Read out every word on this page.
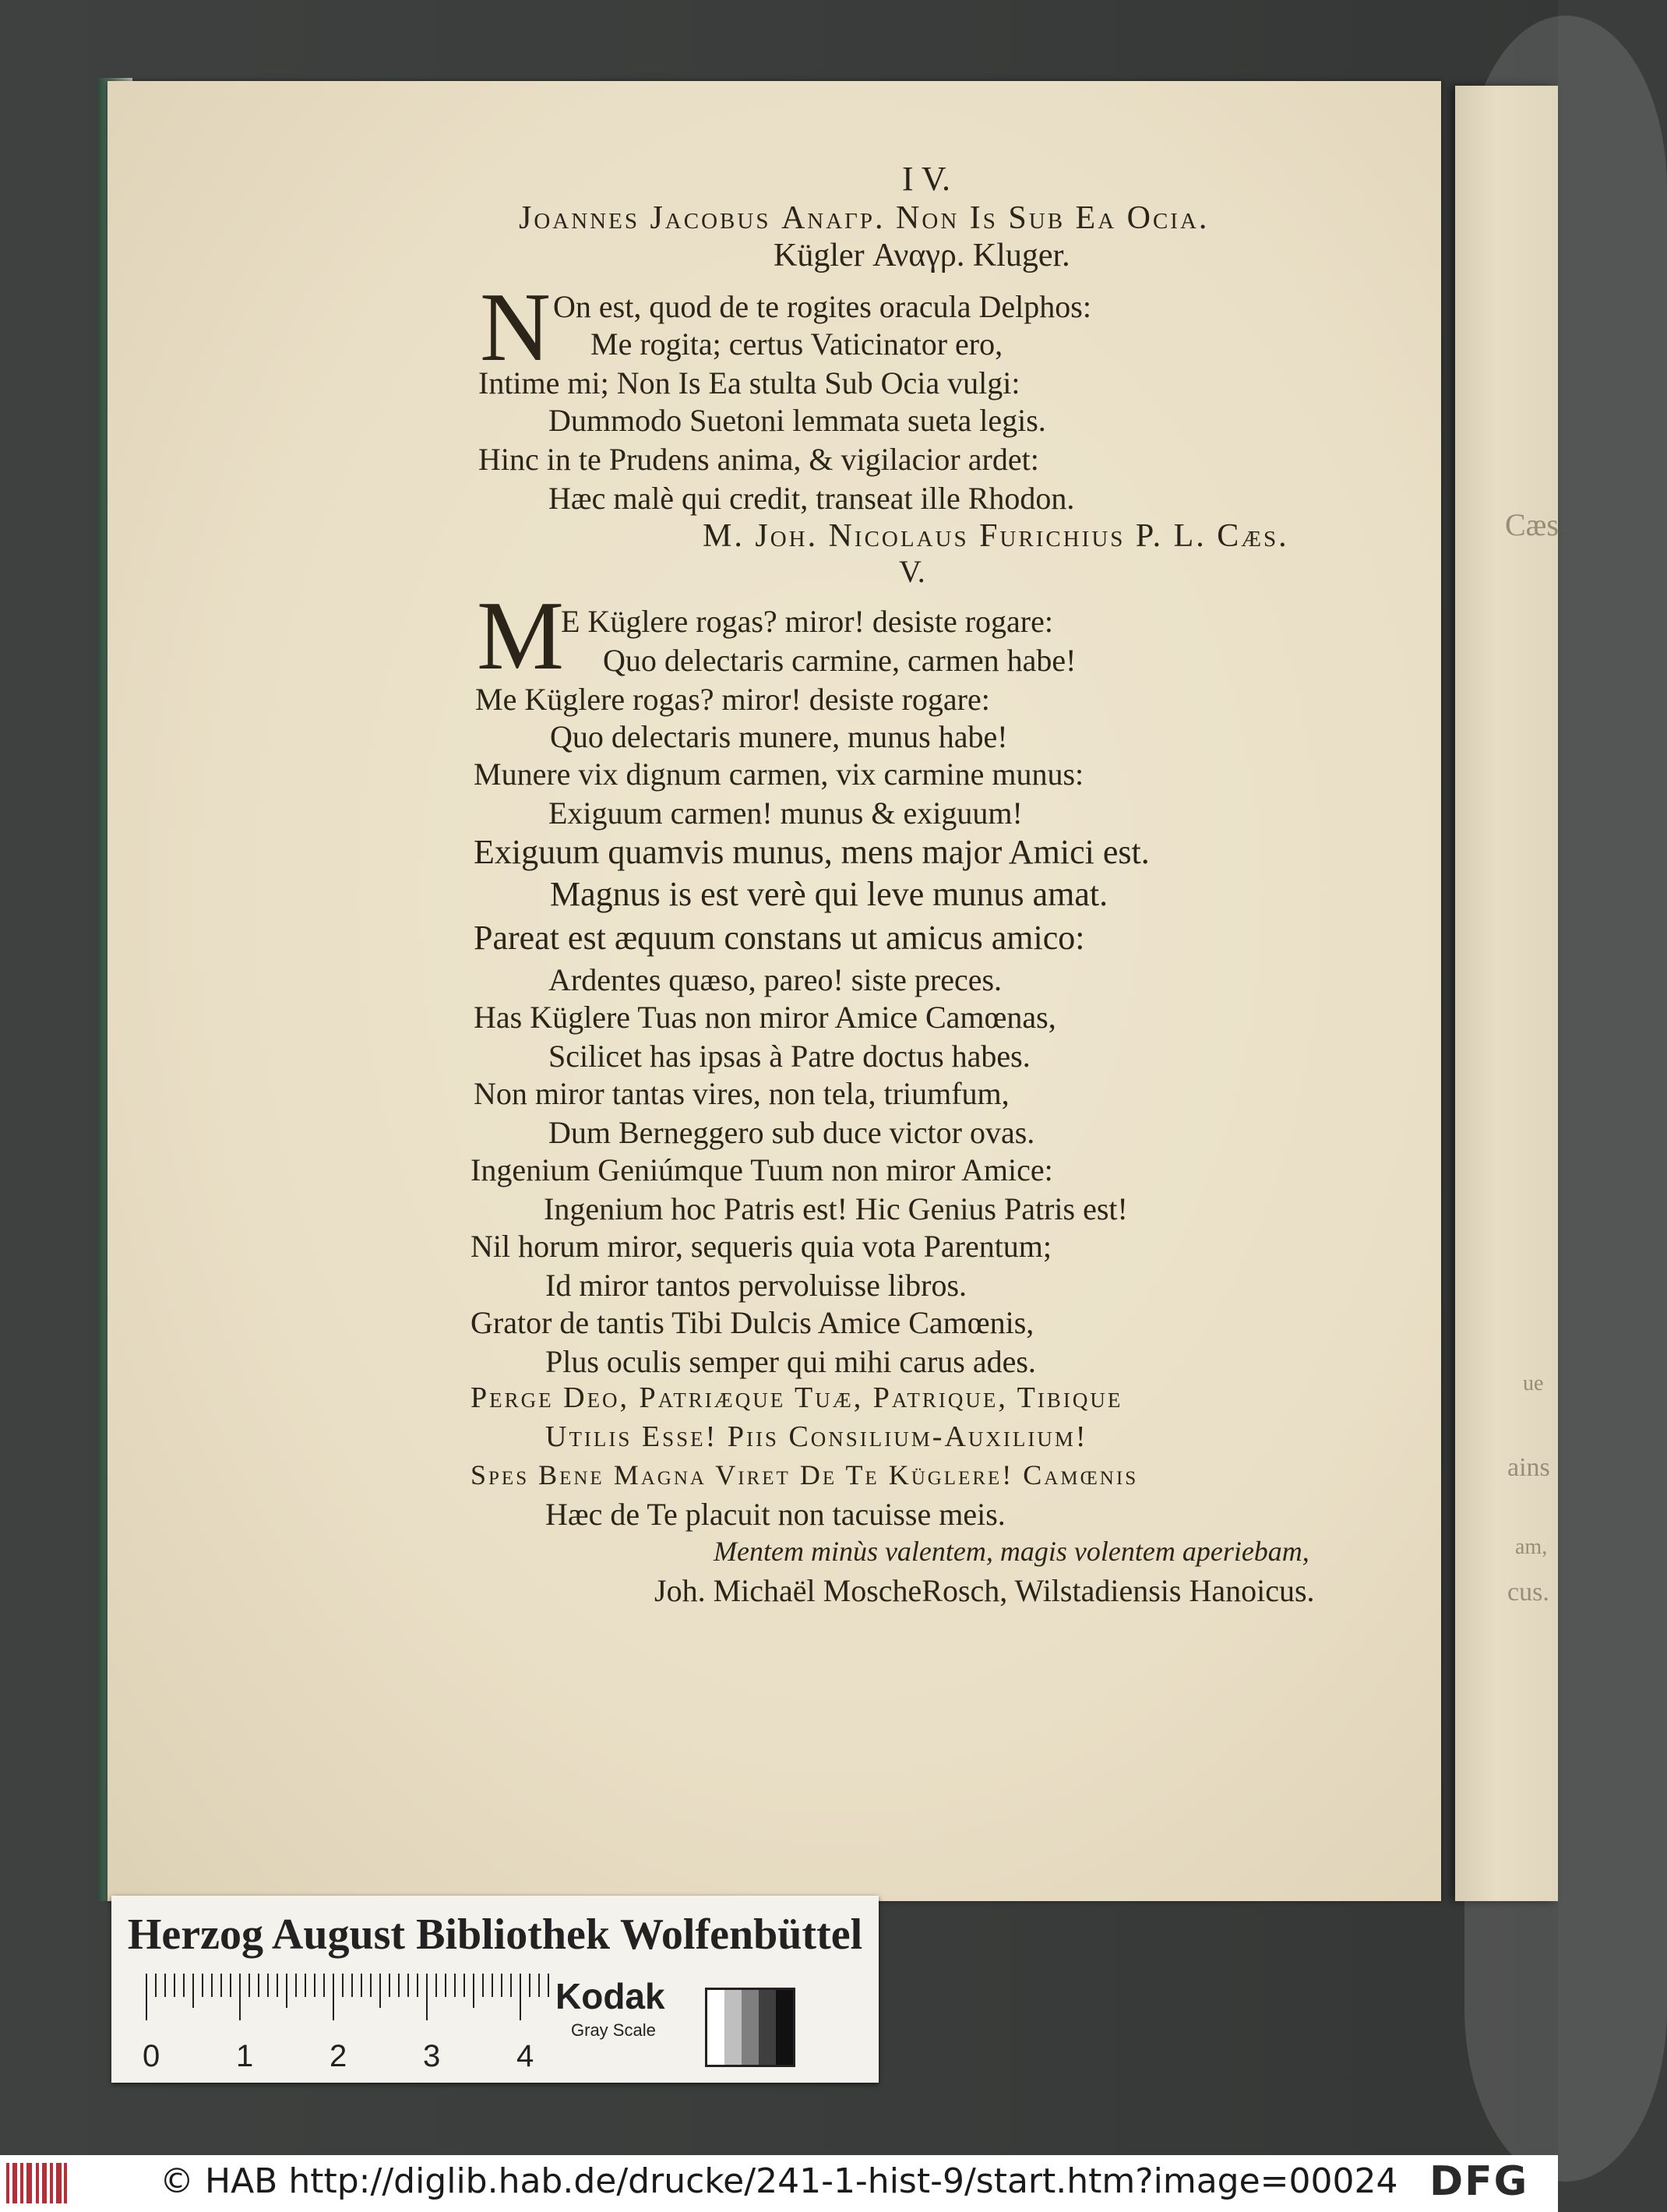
Cæs.
ue
ains
am,
cus.
I V.
Joannes Jacobus Αναγρ. Non Is Sub Ea Ocia.
Kügler Αναγρ. Kluger.
N On est, quod de te rogites oracula Delphos:
Me rogita; certus Vaticinator ero,
Intime mi; Non Is Ea stulta Sub Ocia vulgi:
Dummodo Suetoni lemmata sueta legis.
Hinc in te Prudens anima, & vigilacior ardet:
Hæc malè qui credit, transeat ille Rhodon.
M. Joh. Nicolaus Furichius P. L. Cæs.
V.
M
E Küglere rogas? miror! desiste rogare:
Quo delectaris carmine, carmen habe!
Me Küglere rogas? miror! desiste rogare:
Quo delectaris munere, munus habe!
Munere vix dignum carmen, vix carmine munus:
Exiguum carmen! munus & exiguum!
Exiguum quamvis munus, mens major Amici est.
Magnus is est verè qui leve munus amat.
Pareat est æquum constans ut amicus amico:
Ardentes quæso, pareo! siste preces.
Has Küglere Tuas non miror Amice Camœnas,
Scilicet has ipsas à Patre doctus habes.
Non miror tantas vires, non tela, triumfum,
Dum Berneggero sub duce victor ovas.
Ingenium Geniúmque Tuum non miror Amice:
Ingenium hoc Patris est! Hic Genius Patris est!
Nil horum miror, sequeris quia vota Parentum;
Id miror tantos pervoluisse libros.
Grator de tantis Tibi Dulcis Amice Camœnis,
Plus oculis semper qui mihi carus ades.
Perge Deo, Patriæque Tuæ, Patrique, Tibique
Utilis Esse! Piis Consilium-Auxilium!
Spes Bene Magna Viret De Te Küglere! Camœnis
Hæc de Te placuit non tacuisse meis.
Mentem minùs valentem, magis volentem aperiebam,
Joh. Michaël MoscheRosch, Wilstadiensis Hanoicus.
Herzog August Bibliothek Wolfenbüttel
0 1 2 3 4
Kodak
Gray Scale
© HAB http://diglib.hab.de/drucke/241-1-hist-9/start.htm?image=00024 DFG
